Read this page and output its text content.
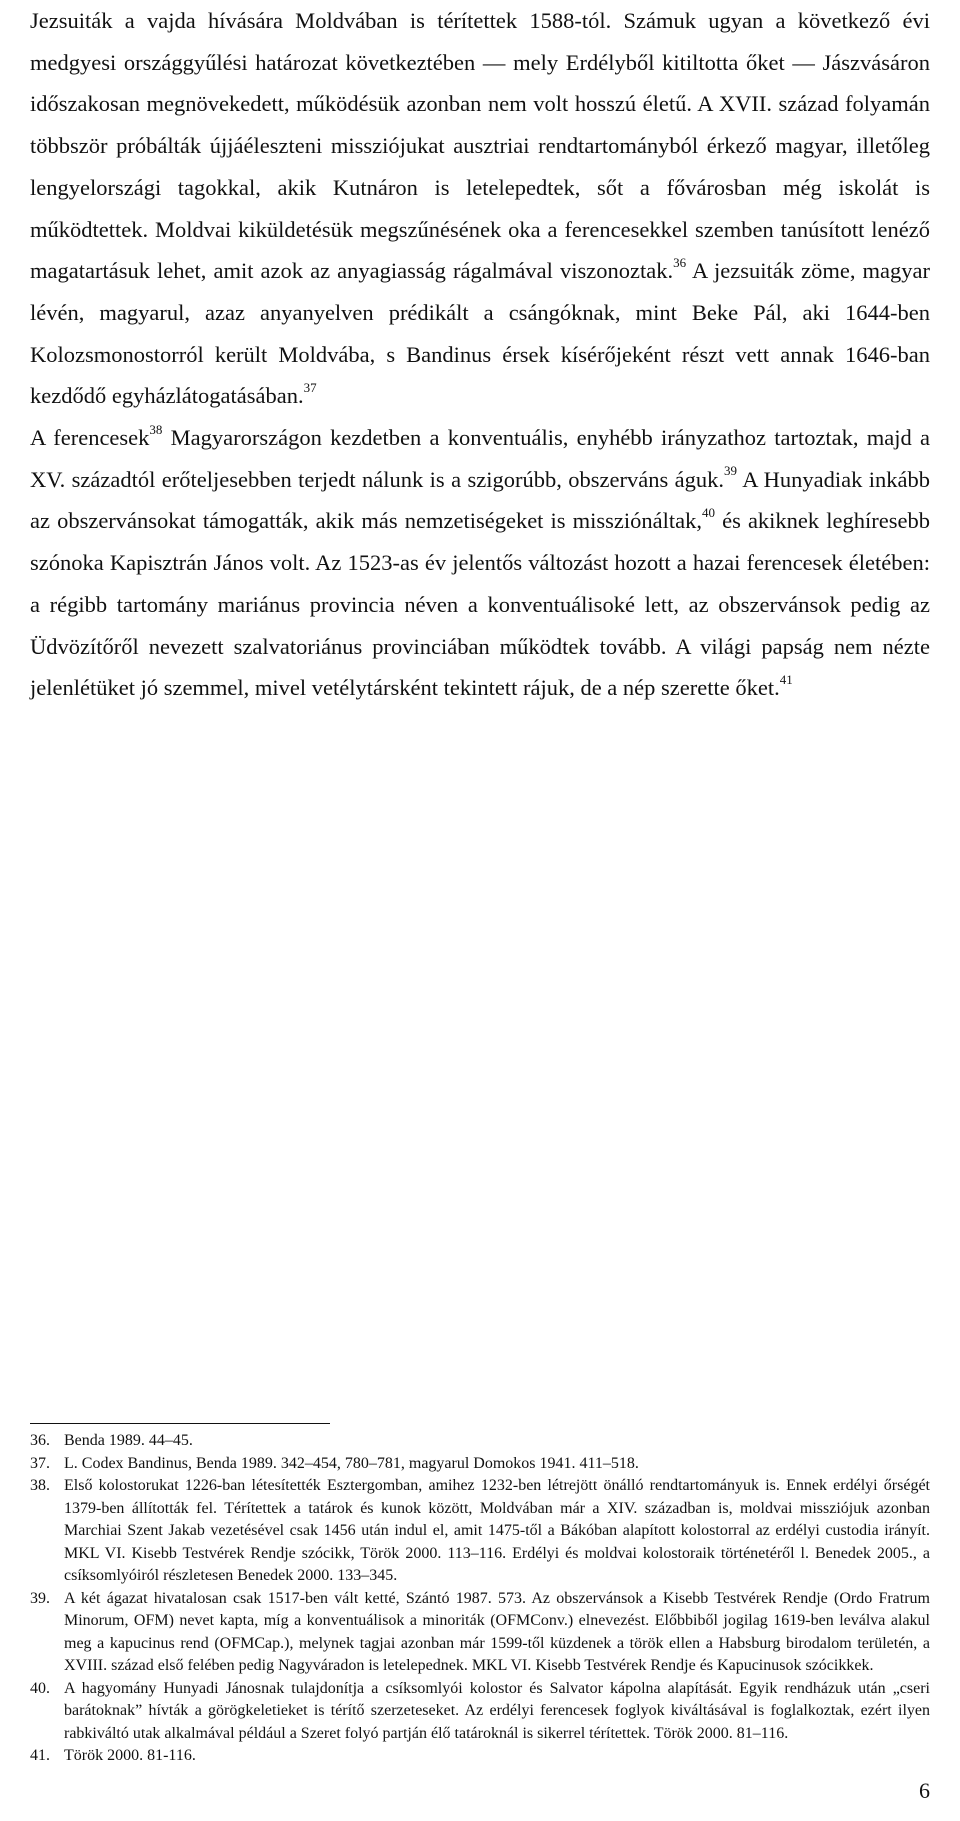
Jezsuiták a vajda hívására Moldvában is térítettek 1588-tól. Számuk ugyan a következő évi medgyesi országgyűlési határozat következtében — mely Erdélyből kitiltotta őket — Jászvásáron időszakosan megnövekedett, működésük azonban nem volt hosszú életű. A XVII. század folyamán többször próbálták újjáéleszteni missziójukat ausztriai rendtartományból érkező magyar, illetőleg lengyelországi tagokkal, akik Kutnáron is letelepedtek, sőt a fővárosban még iskolát is működtettek. Moldvai kiküldetésük megszűnésének oka a ferencesekkel szemben tanúsított lenéző magatartásuk lehet, amit azok az anyagiasság rágalmával viszonoztak.$^{36}$ A jezsuiták zöme, magyar lévén, magyarul, azaz anyanyelven prédikált a csángóknak, mint Beke Pál, aki 1644-ben Kolozsmonostorról került Moldvába, s Bandinus érsek kísérőjeként részt vett annak 1646-ban kezdődő egyházlátogatásában.$^{37}$

A ferencesek$^{38}$ Magyarországon kezdetben a konventuális, enyhébb irányzathoz tartoztak, majd a XV. századtól erőteljesebben terjedt nálunk is a szigorúbb, obszerváns águk.$^{39}$ A Hunyadiak inkább az obszervánsokat támogatták, akik más nemzetiségeket is missziónáltak,$^{40}$ és akiknek leghíresebb szónoka Kapisztrán János volt. Az 1523-as év jelentős változást hozott a hazai ferencesek életében: a régibb tartomány mariánus provincia néven a konventuálisoké lett, az obszervánsok pedig az Üdvözítőről nevezett szalvatoriánus provinciában működtek tovább. A világi papság nem nézte jelenlétüket jó szemmel, mivel vetélytársként tekintett rájuk, de a nép szerette őket.$^{41}$

36. Benda 1989. 44–45.
37. L. Codex Bandinus, Benda 1989. 342–454, 780–781, magyarul Domokos 1941. 411–518.
38. Első kolostorukat 1226-ban létesítették Esztergomban, amihez 1232-ben létrejött önálló rendtartományuk is. Ennek erdélyi őrségét 1379-ben állították fel. Térítettek a tatárok és kunok között, Moldvában már a XIV. században is, moldvai missziójuk azonban Marchiai Szent Jakab vezetésével csak 1456 után indul el, amit 1475-től a Bákóban alapított kolostorral az erdélyi custodia irányít. MKL VI. Kisebb Testvérek Rendje szócikk, Török 2000. 113–116. Erdélyi és moldvai kolostoraik történetéről l. Benedek 2005., a csíksomlyóiról részletesen Benedek 2000. 133–345.
39. A két ágazat hivatalosan csak 1517-ben vált ketté, Szántó 1987. 573. Az obszervánsok a Kisebb Testvérek Rendje (Ordo Fratrum Minorum, OFM) nevet kapta, míg a konventuálisok a minoriták (OFMConv.) elnevezést. Előbbiből jogilag 1619-ben leválva alakul meg a kapucinus rend (OFMCap.), melynek tagjai azonban már 1599-től küzdenek a török ellen a Habsburg birodalom területén, a XVIII. század első felében pedig Nagyváradon is letelepednek. MKL VI. Kisebb Testvérek Rendje és Kapucinusok szócikkek.
40. A hagyomány Hunyadi Jánosnak tulajdonítja a csíksomlyói kolostor és Salvator kápolna alapítását. Egyik rendházuk után „cseri barátoknak” hívták a görögkeletieket is térítő szerzeteseket. Az erdélyi ferencesek foglyok kiváltásával is foglalkoztak, ezért ilyen rabkiváltó utak alkalmával például a Szeret folyó partján élő tatároknál is sikerrel térítettek. Török 2000. 81–116.
41. Török 2000. 81-116.
6
